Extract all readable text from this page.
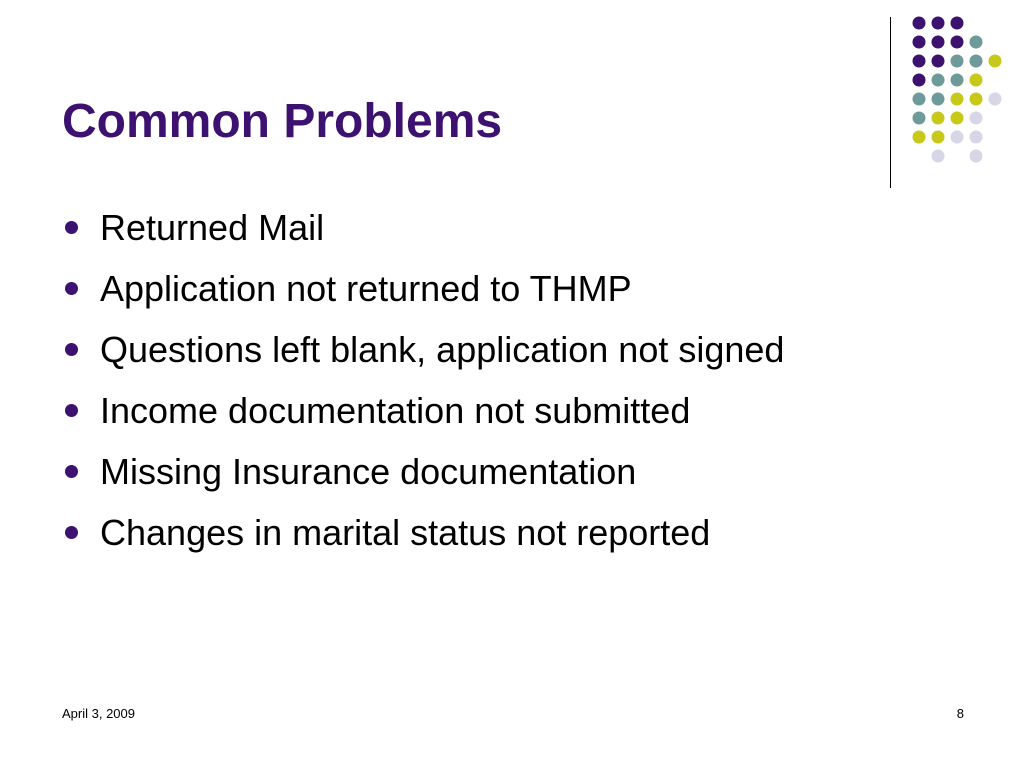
Common Problems
Returned Mail
Application not returned to THMP
Questions left blank, application not signed
Income documentation not submitted
Missing Insurance documentation
Changes in marital status not reported
April 3, 2009	8
